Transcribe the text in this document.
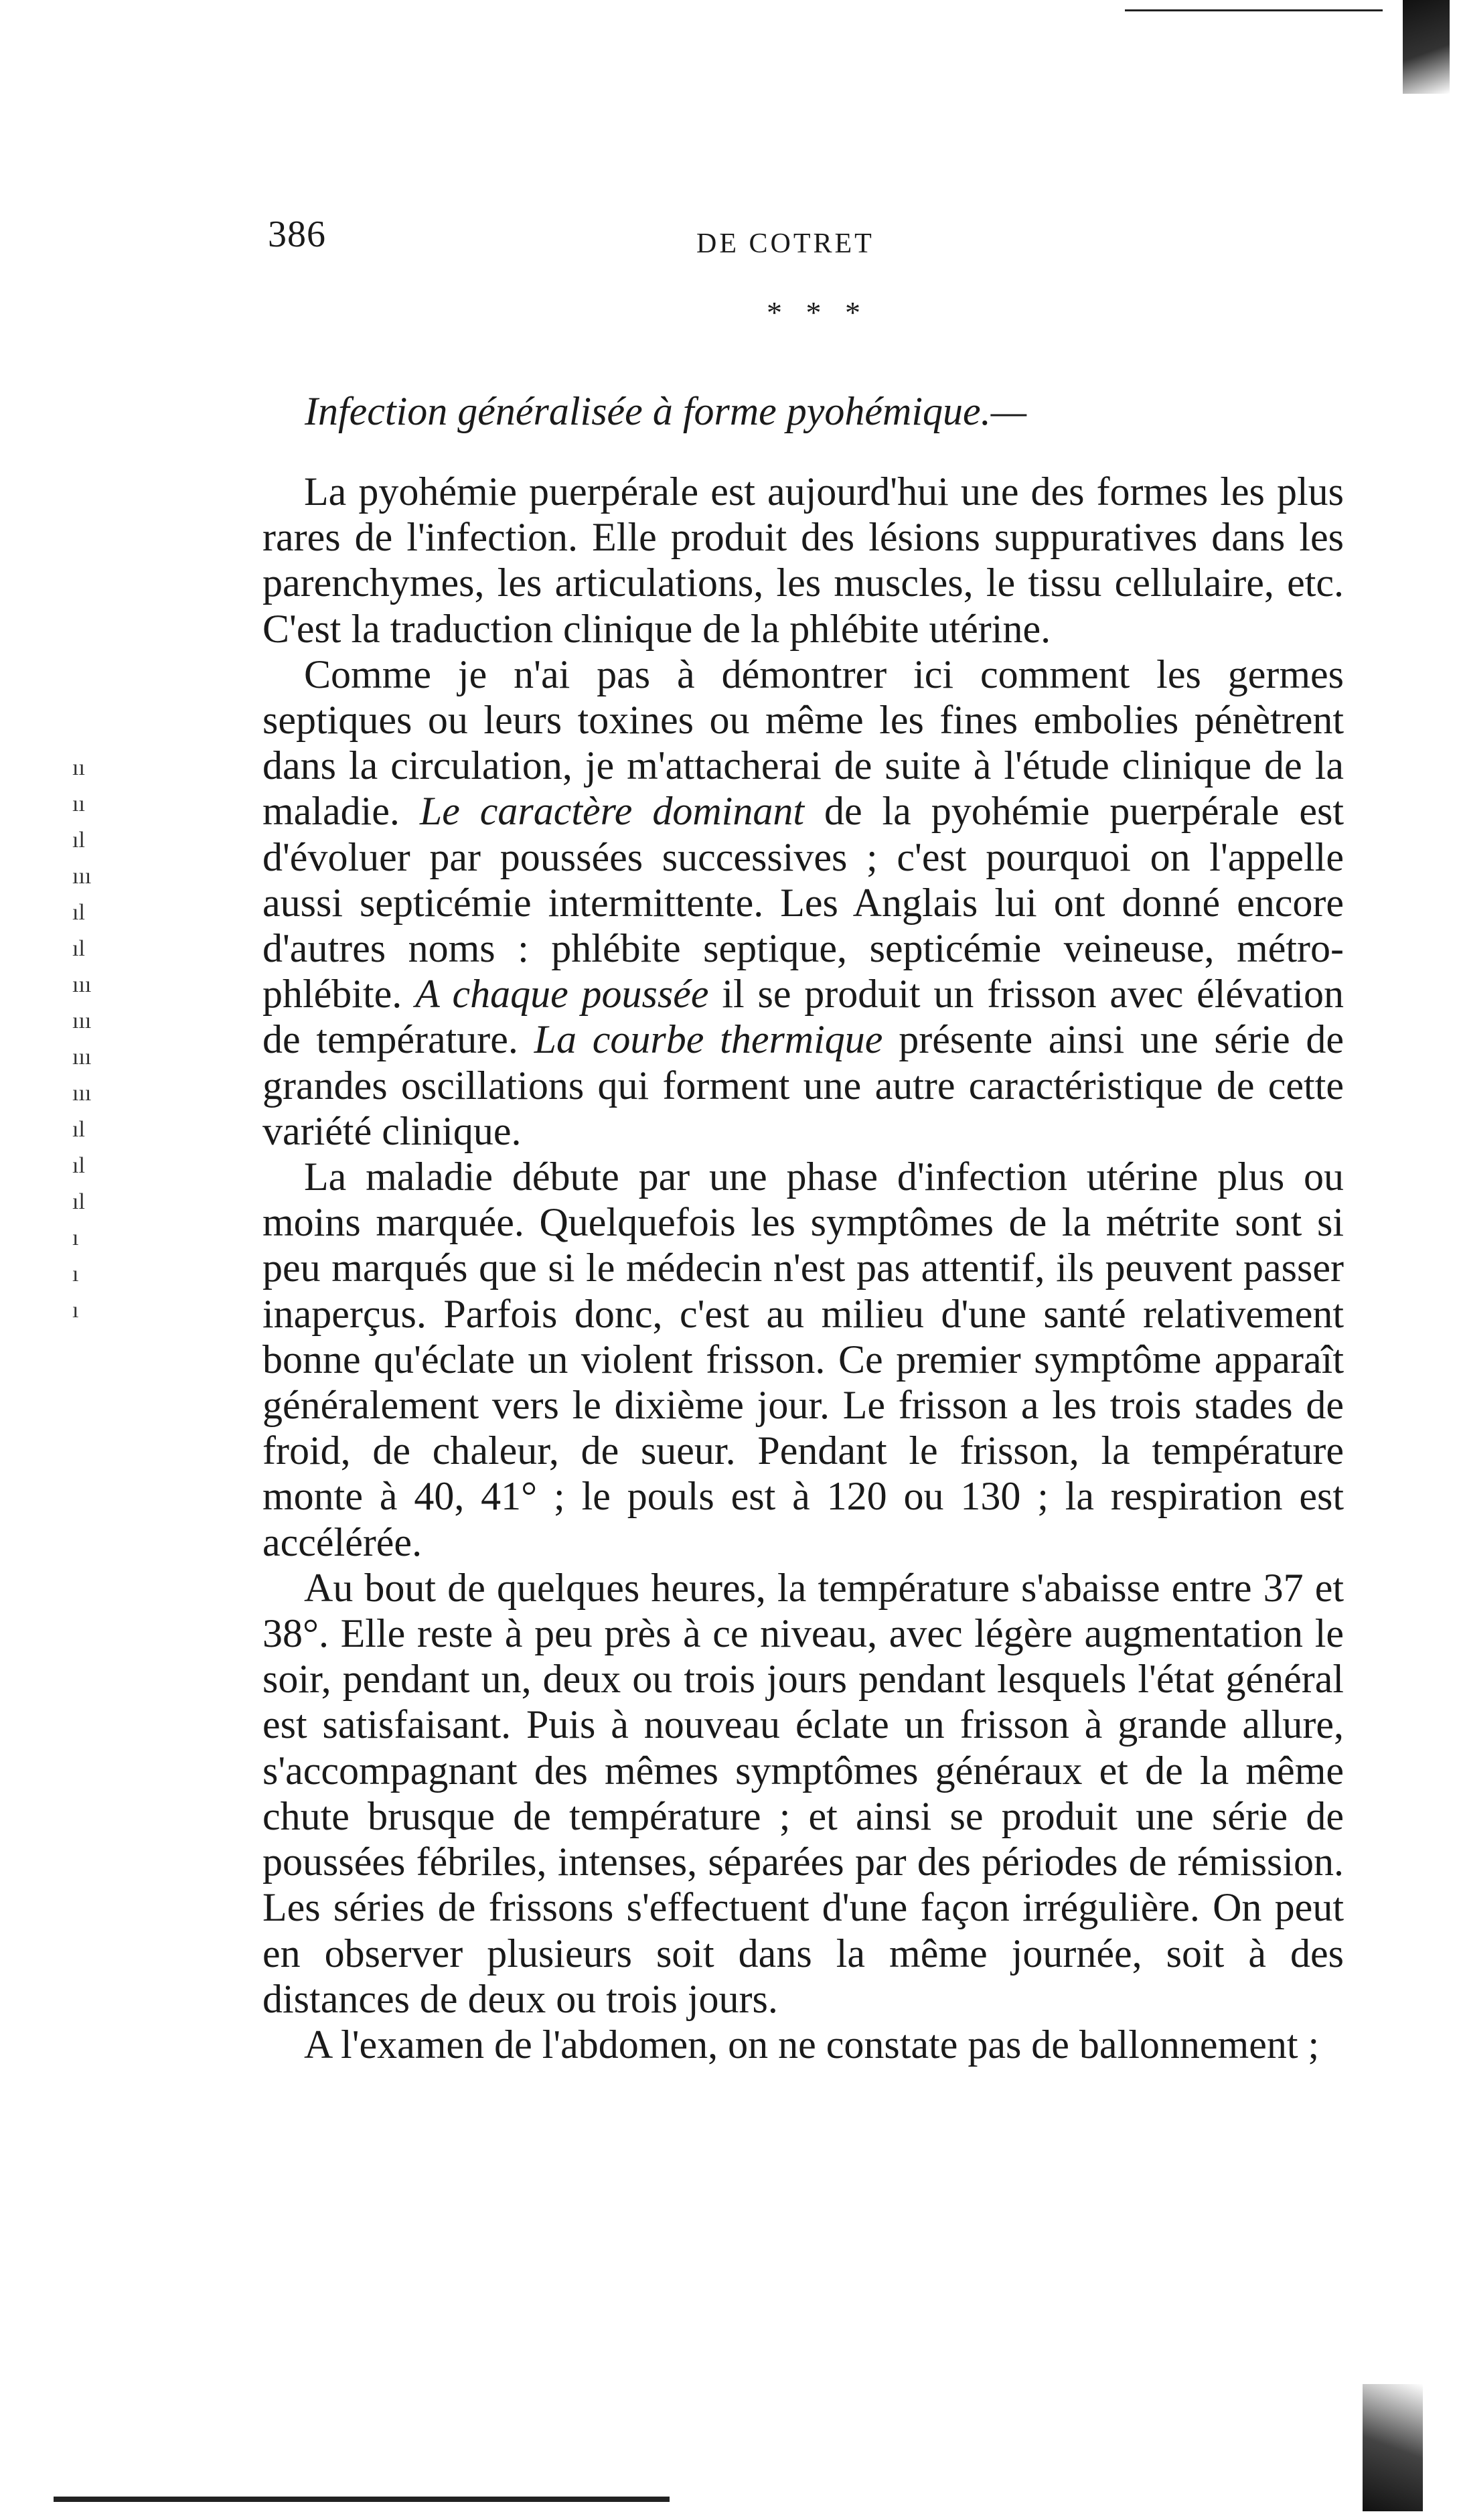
386	DE COTRET
* * *
Infection généralisée à forme pyohémique.—

La pyohémie puerpérale est aujourd'hui une des formes les plus rares de l'infection. Elle produit des lésions suppuratives dans les parenchymes, les articulations, les muscles, le tissu cellulaire, etc. C'est la traduction clinique de la phlébite utérine.

Comme je n'ai pas à démontrer ici comment les germes septiques ou leurs toxines ou même les fines embolies pénètrent dans la circulation, je m'attacherai de suite à l'étude clinique de la maladie. Le caractère dominant de la pyohémie puerpérale est d'évoluer par poussées successives ; c'est pourquoi on l'appelle aussi septicémie intermittente. Les Anglais lui ont donné encore d'autres noms : phlébite septique, septicémie veineuse, métro-phlébite. A chaque poussée il se produit un frisson avec élévation de température. La courbe thermique présente ainsi une série de grandes oscillations qui forment une autre caractéristique de cette variété clinique.

La maladie débute par une phase d'infection utérine plus ou moins marquée. Quelquefois les symptômes de la métrite sont si peu marqués que si le médecin n'est pas attentif, ils peuvent passer inaperçus. Parfois donc, c'est au milieu d'une santé relativement bonne qu'éclate un violent frisson. Ce premier symptôme apparaît généralement vers le dixième jour. Le frisson a les trois stades de froid, de chaleur, de sueur. Pendant le frisson, la température monte à 40, 41° ; le pouls est à 120 ou 130 ; la respiration est accélérée.

Au bout de quelques heures, la température s'abaisse entre 37 et 38°. Elle reste à peu près à ce niveau, avec légère augmentation le soir, pendant un, deux ou trois jours pendant lesquels l'état général est satisfaisant. Puis à nouveau éclate un frisson à grande allure, s'accompagnant des mêmes symptômes généraux et de la même chute brusque de température ; et ainsi se produit une série de poussées fébriles, intenses, séparées par des périodes de rémission. Les séries de frissons s'effectuent d'une façon irrégulière. On peut en observer plusieurs soit dans la même journée, soit à des distances de deux ou trois jours.

A l'examen de l'abdomen, on ne constate pas de ballonnement ;

ıı
ıı
ıl
ııı
ıl
ıl
ııı
ııı
ııı
ııı
ıl
ıl
ıl
ı
ı
ı
